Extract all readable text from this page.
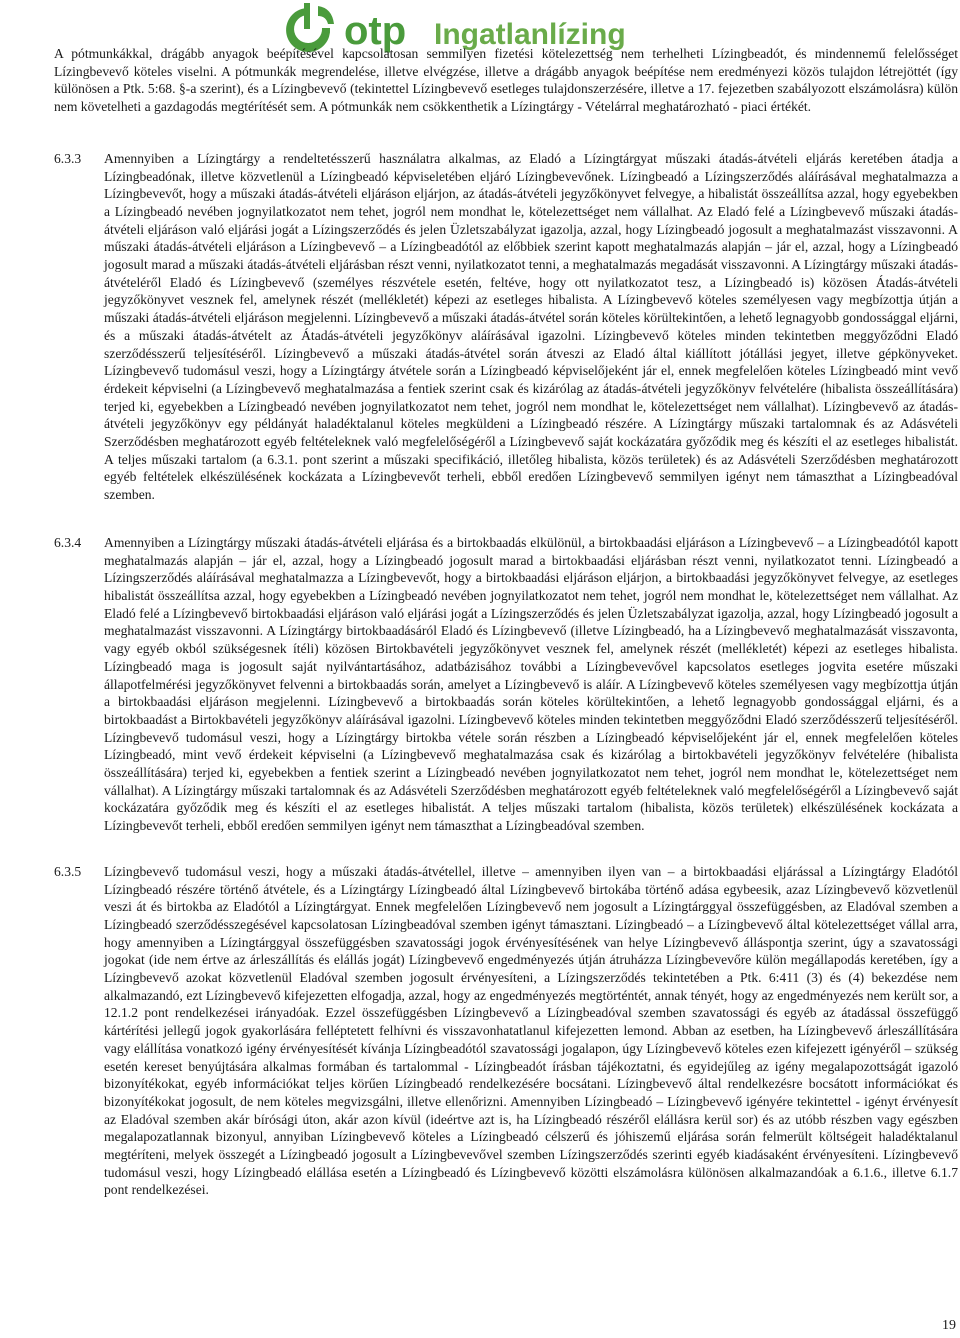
otp Ingatlanlízing

A pótmunkákkal, drágább anyagok beépítésével kapcsolatosan semmilyen fizetési kötelezettség nem terhelheti Lízingbeadót, és mindennemű felelősséget Lízingbevevő köteles viselni. A pótmunkák megrendelése, illetve elvégzése, illetve a drágább anyagok beépítése nem eredményezi közös tulajdon létrejöttét (így különösen a Ptk. 5:68. §-a szerint), és a Lízingbevevő (tekintettel Lízingbevevő esetleges tulajdonszerzésére, illetve a 17. fejezetben szabályozott elszámolásra) külön nem követelheti a gazdagodás megtérítését sem. A pótmunkák nem csökkenthetik a Lízingtárgy - Vételárral meghatározható - piaci értékét.

6.3.3	Amennyiben a Lízingtárgy a rendeltetésszerű használatra alkalmas, az Eladó a Lízingtárgyat műszaki átadás-átvételi eljárás keretében átadja a Lízingbeadónak, illetve közvetlenül a Lízingbeadó képviseletében eljáró Lízingbevevőnek. Lízingbeadó a Lízingszerződés aláírásával meghatalmazza a Lízingbevevőt, hogy a műszaki átadás-átvételi eljáráson eljárjon, az átadás-átvételi jegyzőkönyvet felvegye, a hibalistát összeállítsa azzal, hogy egyebekben a Lízingbeadó nevében jognyilatkozatot nem tehet, jogról nem mondhat le, kötelezettséget nem vállalhat. Az Eladó felé a Lízingbevevő műszaki átadás-átvételi eljáráson való eljárási jogát a Lízingszerződés és jelen Üzletszabályzat igazolja, azzal, hogy Lízingbeadó jogosult a meghatalmazást visszavonni. A műszaki átadás-átvételi eljáráson a Lízingbevevő – a Lízingbeadótól az előbbiek szerint kapott meghatalmazás alapján – jár el, azzal, hogy a Lízingbeadó jogosult marad a műszaki átadás-átvételi eljárásban részt venni, nyilatkozatot tenni, a meghatalmazás megadását visszavonni. A Lízingtárgy műszaki átadás-átvételéről Eladó és Lízingbevevő (személyes részvétele esetén, feltéve, hogy ott nyilatkozatot tesz, a Lízingbeadó is) közösen Átadás-átvételi jegyzőkönyvet vesznek fel, amelynek részét (mellékletét) képezi az esetleges hibalista. A Lízingbevevő köteles személyesen vagy megbízottja útján a műszaki átadás-átvételi eljáráson megjelenni. Lízingbevevő a műszaki átadás-átvétel során köteles körültekintően, a lehető legnagyobb gondossággal eljárni, és a műszaki átadás-átvételt az Átadás-átvételi jegyzőkönyv aláírásával igazolni. Lízingbevevő köteles minden tekintetben meggyőződni Eladó szerződésszerű teljesítéséről. Lízingbevevő a műszaki átadás-átvétel során átveszi az Eladó által kiállított jótállási jegyet, illetve gépkönyveket. Lízingbevevő tudomásul veszi, hogy a Lízingtárgy átvétele során a Lízingbeadó képviselőjeként jár el, ennek megfelelően köteles Lízingbeadó mint vevő érdekeit képviselni (a Lízingbevevő meghatalmazása a fentiek szerint csak és kizárólag az átadás-átvételi jegyzőkönyv felvételére (hibalista összeállítására) terjed ki, egyebekben a Lízingbeadó nevében jognyilatkozatot nem tehet, jogról nem mondhat le, kötelezettséget nem vállalhat). Lízingbevevő az átadás-átvételi jegyzőkönyv egy példányát haladéktalanul köteles megküldeni a Lízingbeadó részére. A Lízingtárgy műszaki tartalomnak és az Adásvételi Szerződésben meghatározott egyéb feltételeknek való megfelelőségéről a Lízingbevevő saját kockázatára győződik meg és készíti el az esetleges hibalistát. A teljes műszaki tartalom (a 6.3.1. pont szerint a műszaki specifikáció, illetőleg hibalista, közös területek) és az Adásvételi Szerződésben meghatározott egyéb feltételek elkészülésének kockázata a Lízingbevevőt terheli, ebből eredően Lízingbevevő semmilyen igényt nem támaszthat a Lízingbeadóval szemben.

6.3.4	Amennyiben a Lízingtárgy műszaki átadás-átvételi eljárása és a birtokbaadás elkülönül, a birtokbaadási eljáráson a Lízingbevevő – a Lízingbeadótól kapott meghatalmazás alapján – jár el, azzal, hogy a Lízingbeadó jogosult marad a birtokbaadási eljárásban részt venni, nyilatkozatot tenni. Lízingbeadó a Lízingszerződés aláírásával meghatalmazza a Lízingbevevőt, hogy a birtokbaadási eljáráson eljárjon, a birtokbaadási jegyzőkönyvet felvegye, az esetleges hibalistát összeállítsa azzal, hogy egyebekben a Lízingbeadó nevében jognyilatkozatot nem tehet, jogról nem mondhat le, kötelezettséget nem vállalhat. Az Eladó felé a Lízingbevevő birtokbaadási eljáráson való eljárási jogát a Lízingszerződés és jelen Üzletszabályzat igazolja, azzal, hogy Lízingbeadó jogosult a meghatalmazást visszavonni. A Lízingtárgy birtokbaadásáról Eladó és Lízingbevevő (illetve Lízingbeadó, ha a Lízingbevevő meghatalmazását visszavonta, vagy egyéb okból szükségesnek ítéli) közösen Birtokbavételi jegyzőkönyvet vesznek fel, amelynek részét (mellékletét) képezi az esetleges hibalista. Lízingbeadó maga is jogosult saját nyilvántartásához, adatbázisához további a Lízingbevevővel kapcsolatos esetleges jogvita esetére műszaki állapotfelmérési jegyzőkönyvet felvenni a birtokbaadás során, amelyet a Lízingbevevő is aláír. A Lízingbevevő köteles személyesen vagy megbízottja útján a birtokbaadási eljáráson megjelenni. Lízingbevevő a birtokbaadás során köteles körültekintően, a lehető legnagyobb gondossággal eljárni, és a birtokbaadást a Birtokbavételi jegyzőkönyv aláírásával igazolni. Lízingbevevő köteles minden tekintetben meggyőződni Eladó szerződésszerű teljesítéséről. Lízingbevevő tudomásul veszi, hogy a Lízingtárgy birtokba vétele során részben a Lízingbeadó képviselőjeként jár el, ennek megfelelően köteles Lízingbeadó, mint vevő érdekeit képviselni (a Lízingbevevő meghatalmazása csak és kizárólag a birtokbavételi jegyzőkönyv felvételére (hibalista összeállítására) terjed ki, egyebekben a fentiek szerint a Lízingbeadó nevében jognyilatkozatot nem tehet, jogról nem mondhat le, kötelezettséget nem vállalhat). A Lízingtárgy műszaki tartalomnak és az Adásvételi Szerződésben meghatározott egyéb feltételeknek való megfelelőségéről a Lízingbevevő saját kockázatára győződik meg és készíti el az esetleges hibalistát. A teljes műszaki tartalom (hibalista, közös területek) elkészülésének kockázata a Lízingbevevőt terheli, ebből eredően semmilyen igényt nem támaszthat a Lízingbeadóval szemben.

6.3.5	Lízingbevevő tudomásul veszi, hogy a műszaki átadás-átvétellel, illetve – amennyiben ilyen van – a birtokbaadási eljárással a Lízingtárgy Eladótól Lízingbeadó részére történő átvétele, és a Lízingtárgy Lízingbeadó által Lízingbevevő birtokába történő adása egybeesik, azaz Lízingbevevő közvetlenül veszi át és birtokba az Eladótól a Lízingtárgyat. Ennek megfelelően Lízingbevevő nem jogosult a Lízingtárggyal összefüggésben, az Eladóval szemben a Lízingbeadó szerződésszegésével kapcsolatosan Lízingbeadóval szemben igényt támasztani. Lízingbeadó – a Lízingbevevő által kötelezettséget vállal arra, hogy amennyiben a Lízingtárggyal összefüggésben szavatossági jogok érvényesítésének van helye Lízingbevevő álláspontja szerint, úgy a szavatossági jogokat (ide nem értve az árleszállítás és elállás jogát) Lízingbevevő engedményezés útján átruházza Lízingbevevőre külön megállapodás keretében, így a Lízingbevevő azokat közvetlenül Eladóval szemben jogosult érvényesíteni, a Lízingszerződés tekintetében a Ptk. 6:411 (3) és (4) bekezdése nem alkalmazandó, ezt Lízingbevevő kifejezetten elfogadja, azzal, hogy az engedményezés megtörténtét, annak tényét, hogy az engedményezés nem került sor, a 12.1.2 pont rendelkezései irányadóak. Ezzel összefüggésben Lízingbevevő a Lízingbeadóval szemben szavatossági és egyéb az átadással összefüggő kártérítési jellegű jogok gyakorlására felléptetett felhívni és visszavonhatatlanul kifejezetten lemond. Abban az esetben, ha Lízingbevevő árleszállítására vagy elállítása vonatkozó igény érvényesítését kívánja Lízingbeadótól szavatossági jogalapon, úgy Lízingbevevő köteles ezen kifejezett igényéről – szükség esetén kereset benyújtására alkalmas formában és tartalommal - Lízingbeadót írásban tájékoztatni, és egyidejűleg az igény megalapozottságát igazoló bizonyítékokat, egyéb információkat teljes körűen Lízingbeadó rendelkezésére bocsátani. Lízingbevevő által rendelkezésre bocsátott információkat és bizonyítékokat jogosult, de nem köteles megvizsgálni, illetve ellenőrizni. Amennyiben Lízingbeadó – Lízingbevevő igényére tekintettel - igényt érvényesít az Eladóval szemben akár bírósági úton, akár azon kívül (ideértve azt is, ha Lízingbeadó részéről elállásra kerül sor) és az utóbb részben vagy egészben megalapozatlannak bizonyul, annyiban Lízingbevevő köteles a Lízingbeadó célszerű és jóhiszemű eljárása során felmerült költségeit haladéktalanul megtéríteni, melyek összegét a Lízingbeadó jogosult a Lízingbevevővel szemben Lízingszerződés szerinti egyéb kiadásaként érvényesíteni. Lízingbevevő tudomásul veszi, hogy Lízingbeadó elállása esetén a Lízingbeadó és Lízingbevevő közötti elszámolásra különösen alkalmazandóak a 6.1.6., illetve 6.1.7 pont rendelkezései.

19
